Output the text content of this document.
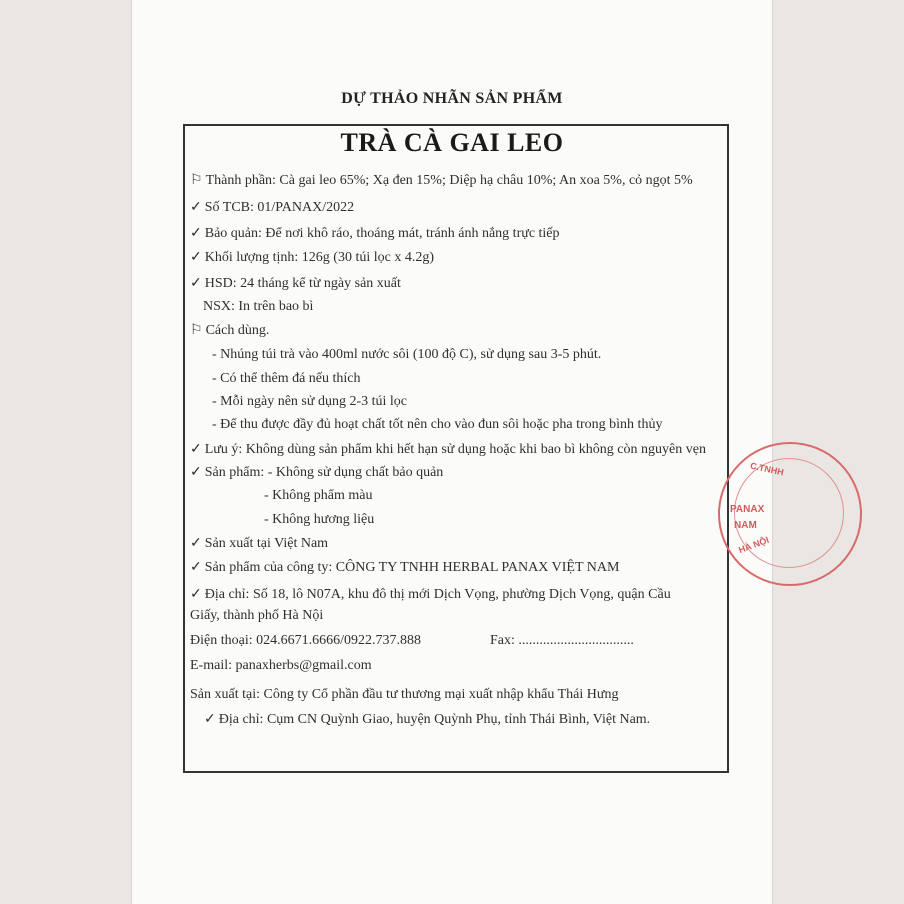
DỰ THẢO NHÃN SẢN PHẨM
TRÀ CÀ GAI LEO
⚐ Thành phần: Cà gai leo 65%; Xạ đen 15%; Diệp hạ châu 10%; An xoa 5%, cỏ ngọt 5%
✓ Số TCB: 01/PANAX/2022
✓ Bảo quản: Để nơi khô ráo, thoáng mát, tránh ánh nắng trực tiếp
✓ Khối lượng tịnh: 126g (30 túi lọc x 4.2g)
✓ HSD: 24 tháng kể từ ngày sản xuất
NSX: In trên bao bì
⚐ Cách dùng.
- Nhúng túi trà vào 400ml nước sôi (100 độ C), sử dụng sau 3-5 phút.
- Có thể thêm đá nếu thích
- Mỗi ngày nên sử dụng 2-3 túi lọc
- Để thu được đầy đủ hoạt chất tốt nên cho vào đun sôi hoặc pha trong bình thủy
✓ Lưu ý: Không dùng sản phẩm khi hết hạn sử dụng hoặc khi bao bì không còn nguyên vẹn
✓ Sản phẩm: - Không sử dụng chất bảo quản
- Không phẩm màu
- Không hương liệu
✓ Sản xuất tại Việt Nam
✓ Sản phẩm của công ty: CÔNG TY TNHH HERBAL PANAX VIỆT NAM
✓ Địa chỉ: Số 18, lô N07A, khu đô thị mới Dịch Vọng, phường Dịch Vọng, quận Cầu
Giấy, thành phố Hà Nội
Điện thoại: 024.6671.6666/0922.737.888	Fax: .................................
E-mail: panaxherbs@gmail.com
Sản xuất tại: Công ty Cổ phần đầu tư thương mại xuất nhập khẩu Thái Hưng
✓ Địa chỉ: Cụm CN Quỳnh Giao, huyện Quỳnh Phụ, tỉnh Thái Bình, Việt Nam.
C.TNHH
PANAX
NAM
HÀ NỘI
